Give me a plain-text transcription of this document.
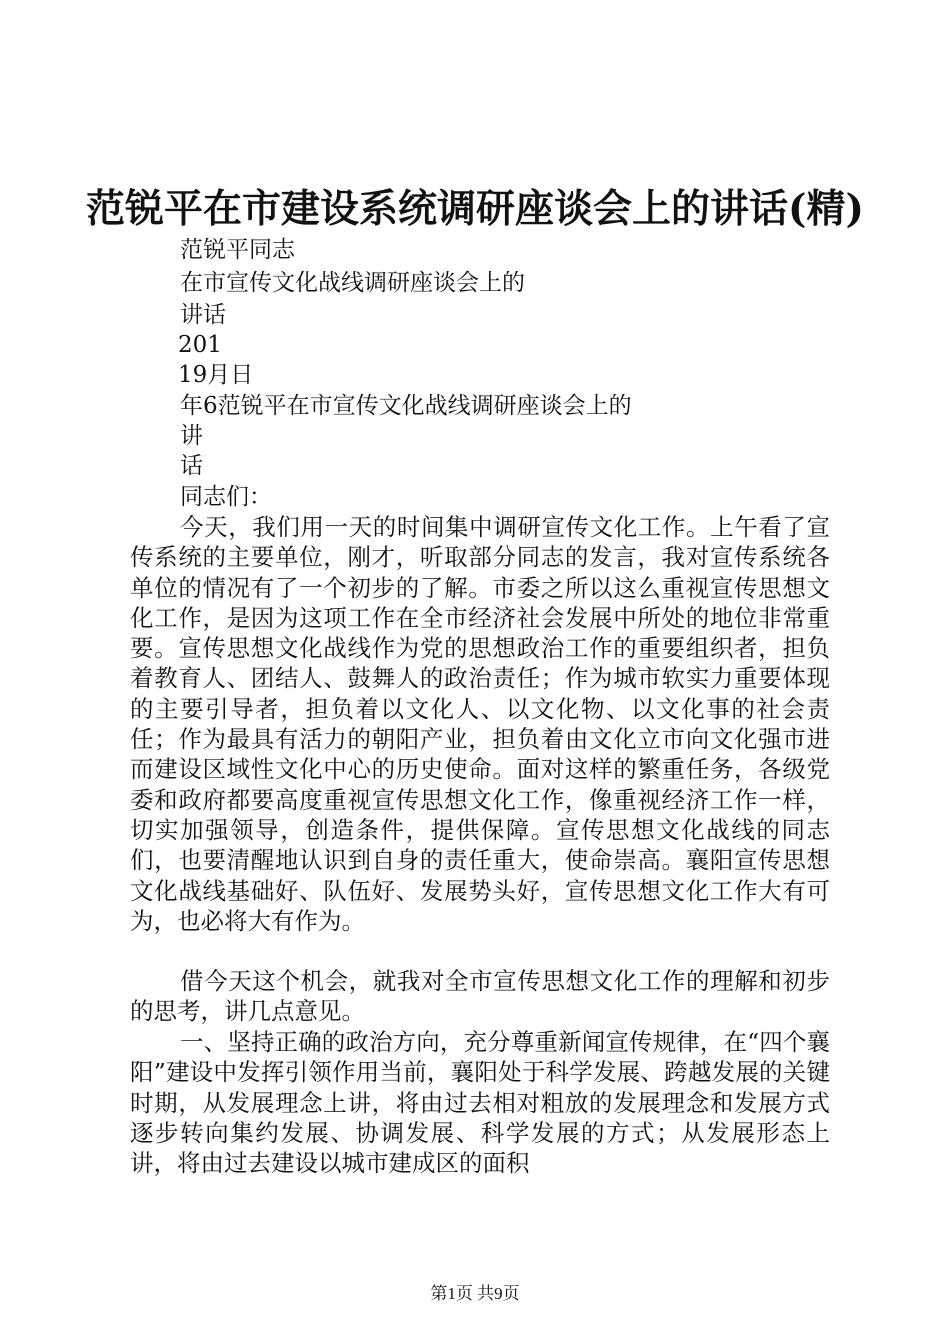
范锐平在市建设系统调研座谈会上的讲话(精)
范锐平同志
在市宣传文化战线调研座谈会上的
讲话
201
19月日
年6范锐平在市宣传文化战线调研座谈会上的
讲
话
同志们：

今天，我们用一天的时间集中调研宣传文化工作。上午看了宣传系统的主要单位，刚才，听取部分同志的发言，我对宣传系统各单位的情况有了一个初步的了解。市委之所以这么重视宣传思想文化工作，是因为这项工作在全市经济社会发展中所处的地位非常重要。宣传思想文化战线作为党的思想政治工作的重要组织者，担负着教育人、团结人、鼓舞人的政治责任；作为城市软实力重要体现的主要引导者，担负着以文化人、以文化物、以文化事的社会责任；作为最具有活力的朝阳产业，担负着由文化立市向文化强市进而建设区域性文化中心的历史使命。面对这样的繁重任务，各级党委和政府都要高度重视宣传思想文化工作，像重视经济工作一样，切实加强领导，创造条件，提供保障。宣传思想文化战线的同志们，也要清醒地认识到自身的责任重大，使命崇高。襄阳宣传思想文化战线基础好、队伍好、发展势头好，宣传思想文化工作大有可为，也必将大有作为。

借今天这个机会，就我对全市宣传思想文化工作的理解和初步的思考，讲几点意见。

一、坚持正确的政治方向，充分尊重新闻宣传规律，在“四个襄阳”建设中发挥引领作用当前，襄阳处于科学发展、跨越发展的关键时期，从发展理念上讲，将由过去相对粗放的发展理念和发展方式逐步转向集约发展、协调发展、科学发展的方式；从发展形态上讲，将由过去建设以城市建成区的面积

第1页 共9页
